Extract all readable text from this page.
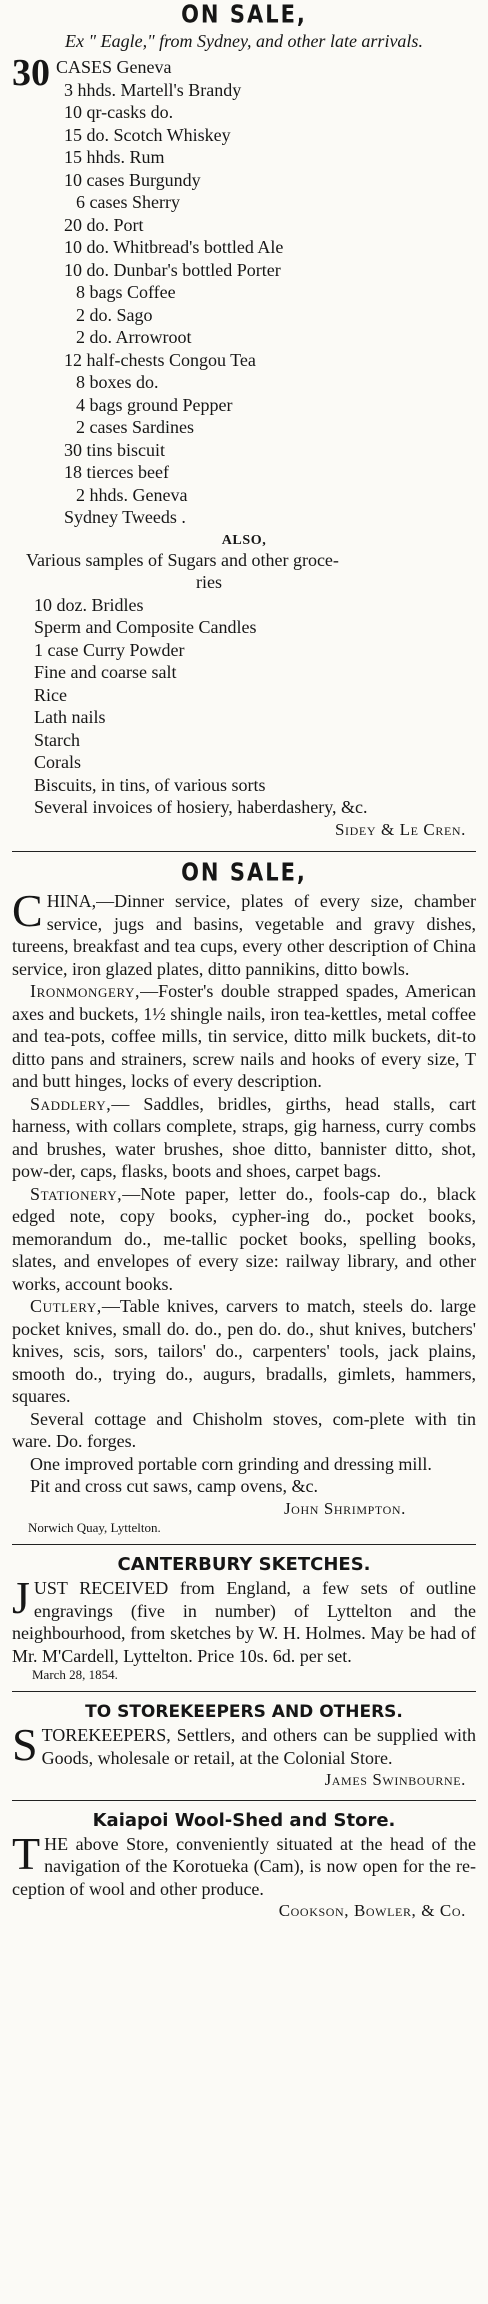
ON SALE,
Ex " Eagle," from Sydney, and other late arrivals.
30 CASES Geneva
3 hhds. Martell's Brandy
10 qr-casks do.
15 do. Scotch Whiskey
15 hhds. Rum
10 cases Burgundy
6 cases Sherry
20 do. Port
10 do. Whitbread's bottled Ale
10 do. Dunbar's bottled Porter
8 bags Coffee
2 do. Sago
2 do. Arrowroot
12 half-chests Congou Tea
8 boxes do.
4 bags ground Pepper
2 cases Sardines
30 tins biscuit
18 tierces beef
2 hhds. Geneva
Sydney Tweeds .
ALSO,
Various samples of Sugars and other groce-
ries
10 doz. Bridles
Sperm and Composite Candles
1 case Curry Powder
Fine and coarse salt
Rice
Lath nails
Starch
Corals
Biscuits, in tins, of various sorts
Several invoices of hosiery, haberdashery, &c.
Sidey & Le Cren.
ON SALE,
C HINA,—Dinner service, plates of every size, chamber service, jugs and basins, vegetable and gravy dishes, tureens, breakfast and tea cups, every other description of China service, iron glazed plates, ditto pannikins, ditto bowls.
Ironmongery,—Foster's double strapped spades, American axes and buckets, 1½ shingle nails, iron tea-kettles, metal coffee and tea-pots, coffee mills, tin service, ditto milk buckets, dit-to ditto pans and strainers, screw nails and hooks of every size, T and butt hinges, locks of every description.
Saddlery,— Saddles, bridles, girths, head stalls, cart harness, with collars complete, straps, gig harness, curry combs and brushes, water brushes, shoe ditto, bannister ditto, shot, pow-der, caps, flasks, boots and shoes, carpet bags.
Stationery,—Note paper, letter do., fools-cap do., black edged note, copy books, cypher-ing do., pocket books, memorandum do., me-tallic pocket books, spelling books, slates, and envelopes of every size: railway library, and other works, account books.
Cutlery,—Table knives, carvers to match, steels do. large pocket knives, small do. do., pen do. do., shut knives, butchers' knives, scis, sors, tailors' do., carpenters' tools, jack plains, smooth do., trying do., augurs, bradalls, gimlets, hammers, squares.
Several cottage and Chisholm stoves, com-plete with tin ware. Do. forges.
One improved portable corn grinding and dressing mill.
Pit and cross cut saws, camp ovens, &c.
John Shrimpton.
Norwich Quay, Lyttelton.
CANTERBURY SKETCHES.
J UST RECEIVED from England, a few sets of outline engravings (five in number) of Lyttelton and the neighbourhood, from sketches by W. H. Holmes. May be had of Mr. M'Cardell, Lyttelton. Price 10s. 6d. per set.
March 28, 1854.
TO STOREKEEPERS AND OTHERS.
S TOREKEEPERS, Settlers, and others can be supplied with Goods, wholesale or retail, at the Colonial Store.
James Swinbourne.
Kaiapoi Wool-Shed and Store.
T HE above Store, conveniently situated at the head of the navigation of the Korotueka (Cam), is now open for the re-ception of wool and other produce.
Cookson, Bowler, & Co.
